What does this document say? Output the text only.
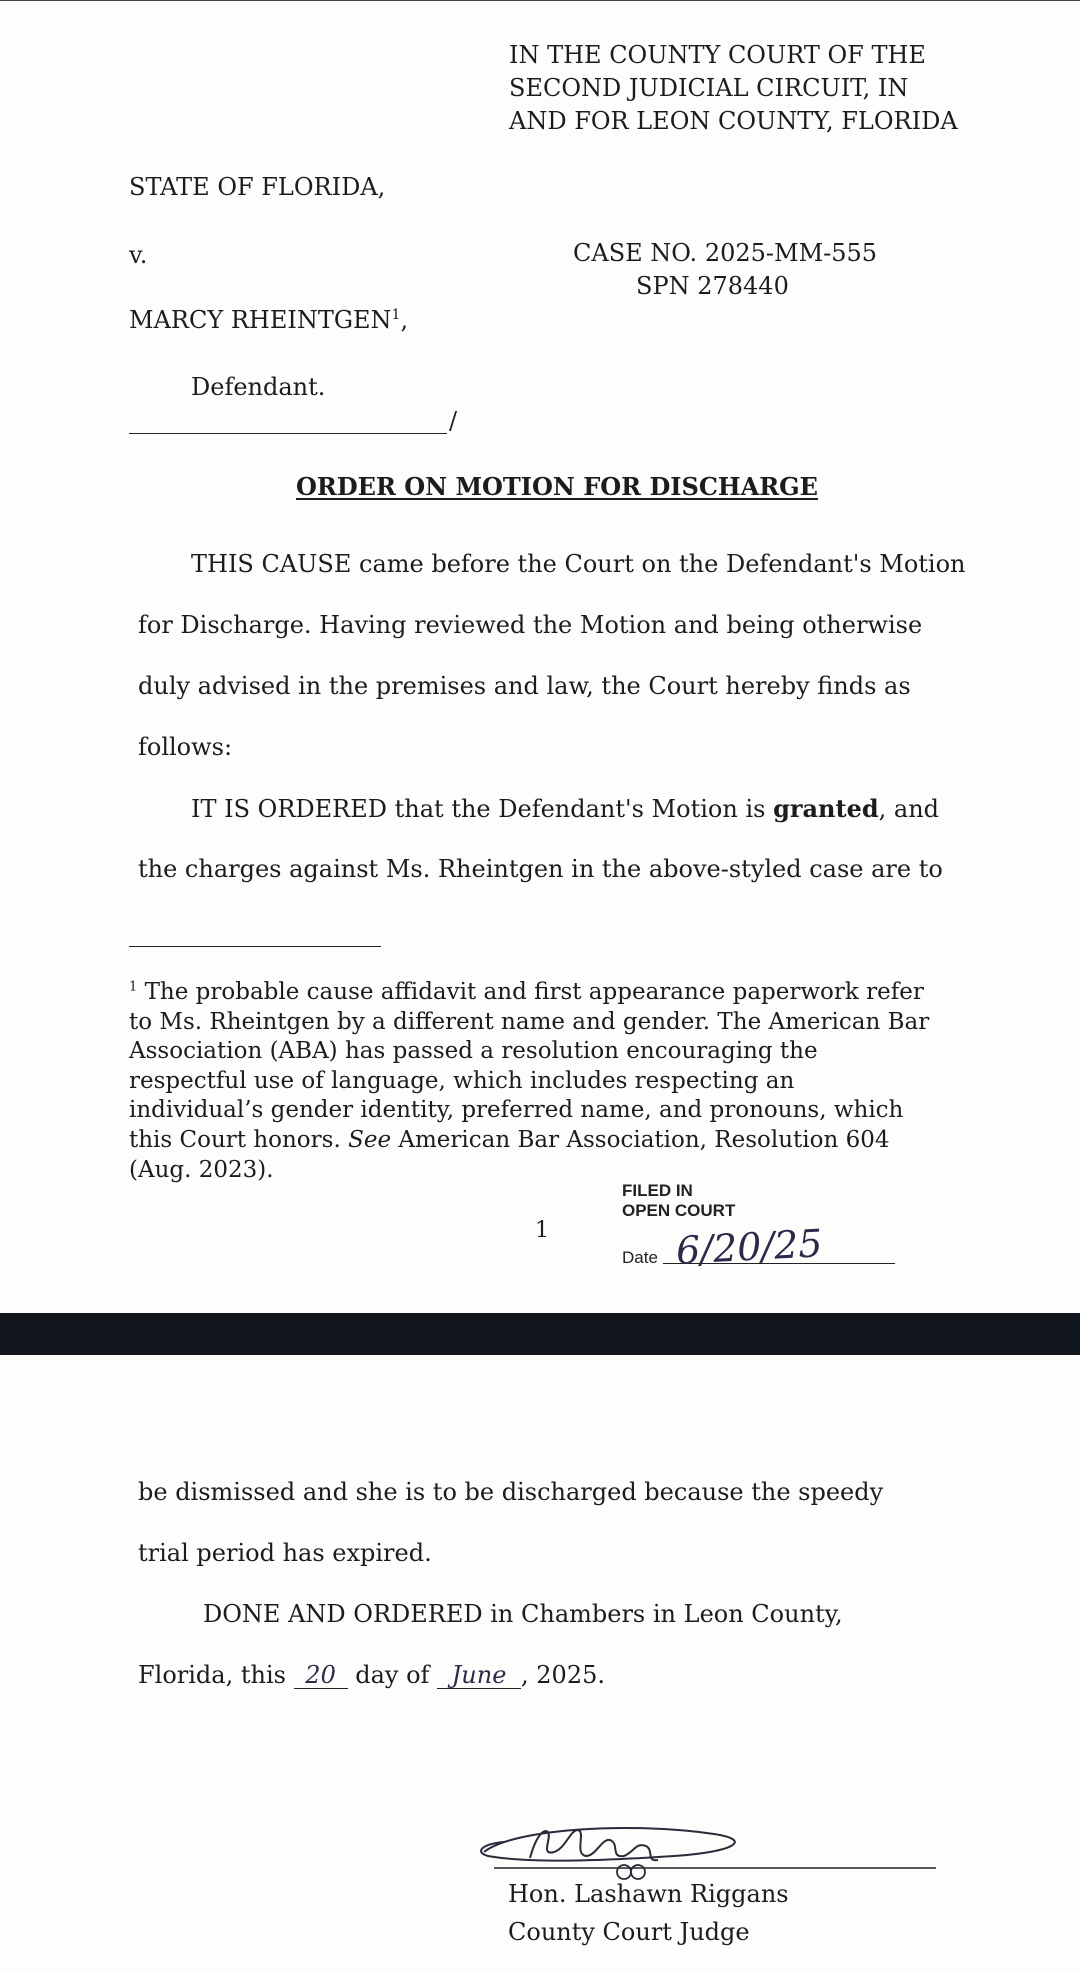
IN THE COUNTY COURT OF THE
SECOND JUDICIAL CIRCUIT, IN
AND FOR LEON COUNTY, FLORIDA
STATE OF FLORIDA,
v.	CASE NO. 2025-MM-555
SPN 278440
MARCY RHEINTGEN$^1$,
Defendant.
/
ORDER ON MOTION FOR DISCHARGE
THIS CAUSE came before the Court on the Defendant's Motion
for Discharge. Having reviewed the Motion and being otherwise
duly advised in the premises and law, the Court hereby finds as
follows:
IT IS ORDERED that the Defendant's Motion is granted, and
the charges against Ms. Rheintgen in the above-styled case are to
$^1$ The probable cause affidavit and first appearance paperwork refer
to Ms. Rheintgen by a different name and gender. The American Bar
Association (ABA) has passed a resolution encouraging the
respectful use of language, which includes respecting an
individual’s gender identity, preferred name, and pronouns, which
this Court honors. See American Bar Association, Resolution 604
(Aug. 2023).
1
FILED IN
OPEN COURT
Date 6/20/25
be dismissed and she is to be discharged because the speedy
trial period has expired.
DONE AND ORDERED in Chambers in Leon County,
Florida, this 20 day of June , 2025.
Hon. Lashawn Riggans
County Court Judge
